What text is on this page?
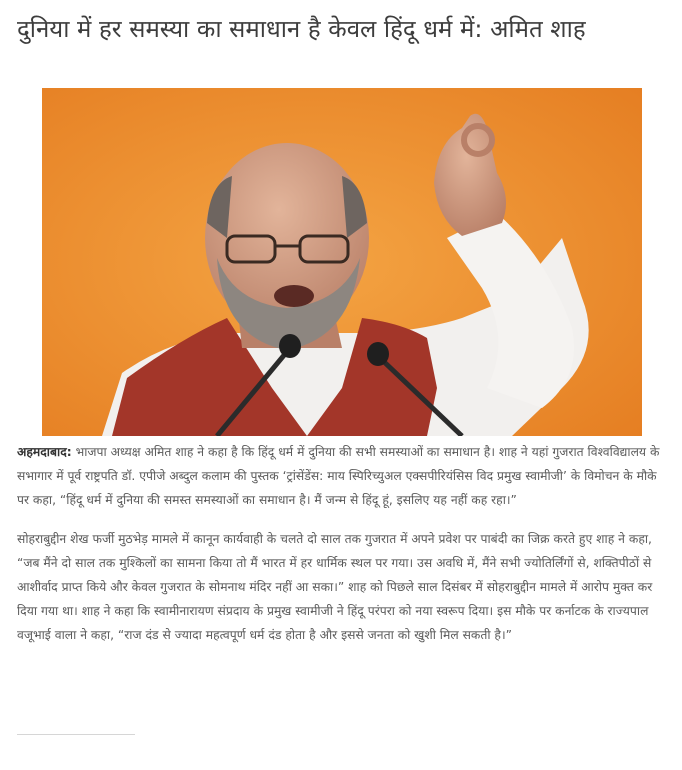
दुनिया में हर समस्या का समाधान है केवल हिंदू धर्म में: अमित शाह

अहमदाबाद: भाजपा अध्यक्ष अमित शाह ने कहा है कि हिंदू धर्म में दुनिया की सभी समस्याओं का समाधान है। शाह ने यहां गुजरात विश्वविद्यालय के सभागार में पूर्व राष्ट्रपति डॉ. एपीजे अब्दुल कलाम की पुस्तक ‘ट्रांसेंडेंस: माय स्पिरिच्युअल एक्सपीरियंसिस विद प्रमुख स्वामीजी’ के विमोचन के मौके पर कहा, “हिंदू धर्म में दुनिया की समस्त समस्याओं का समाधान है। मैं जन्म से हिंदू हूं, इसलिए यह नहीं कह रहा।”

सोहराबुद्दीन शेख फर्जी मुठभेड़ मामले में कानून कार्यवाही के चलते दो साल तक गुजरात में अपने प्रवेश पर पाबंदी का जिक्र करते हुए शाह ने कहा, “जब मैंने दो साल तक मुश्किलों का सामना किया तो मैं भारत में हर धार्मिक स्थल पर गया। उस अवधि में, मैंने सभी ज्योतिर्लिंगों से, शक्तिपीठों से आशीर्वाद प्राप्त किये और केवल गुजरात के सोमनाथ मंदिर नहीं आ सका।” शाह को पिछले साल दिसंबर में सोहराबुद्दीन मामले में आरोप मुक्त कर दिया गया था। शाह ने कहा कि स्वामीनारायण संप्रदाय के प्रमुख स्वामीजी ने हिंदू परंपरा को नया स्वरूप दिया। इस मौके पर कर्नाटक के राज्यपाल वजूभाई वाला ने कहा, “राज दंड से ज्यादा महत्वपूर्ण धर्म दंड होता है और इससे जनता को खुशी मिल सकती है।”
